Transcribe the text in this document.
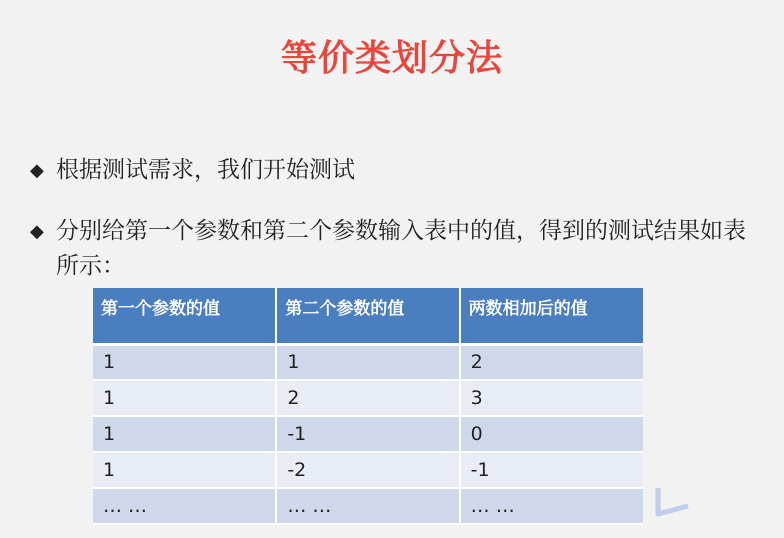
等价类划分法
◆ 根据测试需求，我们开始测试
◆ 分别给第一个参数和第二个参数输入表中的值，得到的测试结果如表所示：
第一个参数的值	第二个参数的值	两数相加后的值
1	1	2
1	2	3
1	-1	0
1	-2	-1
… …	… …	… …
